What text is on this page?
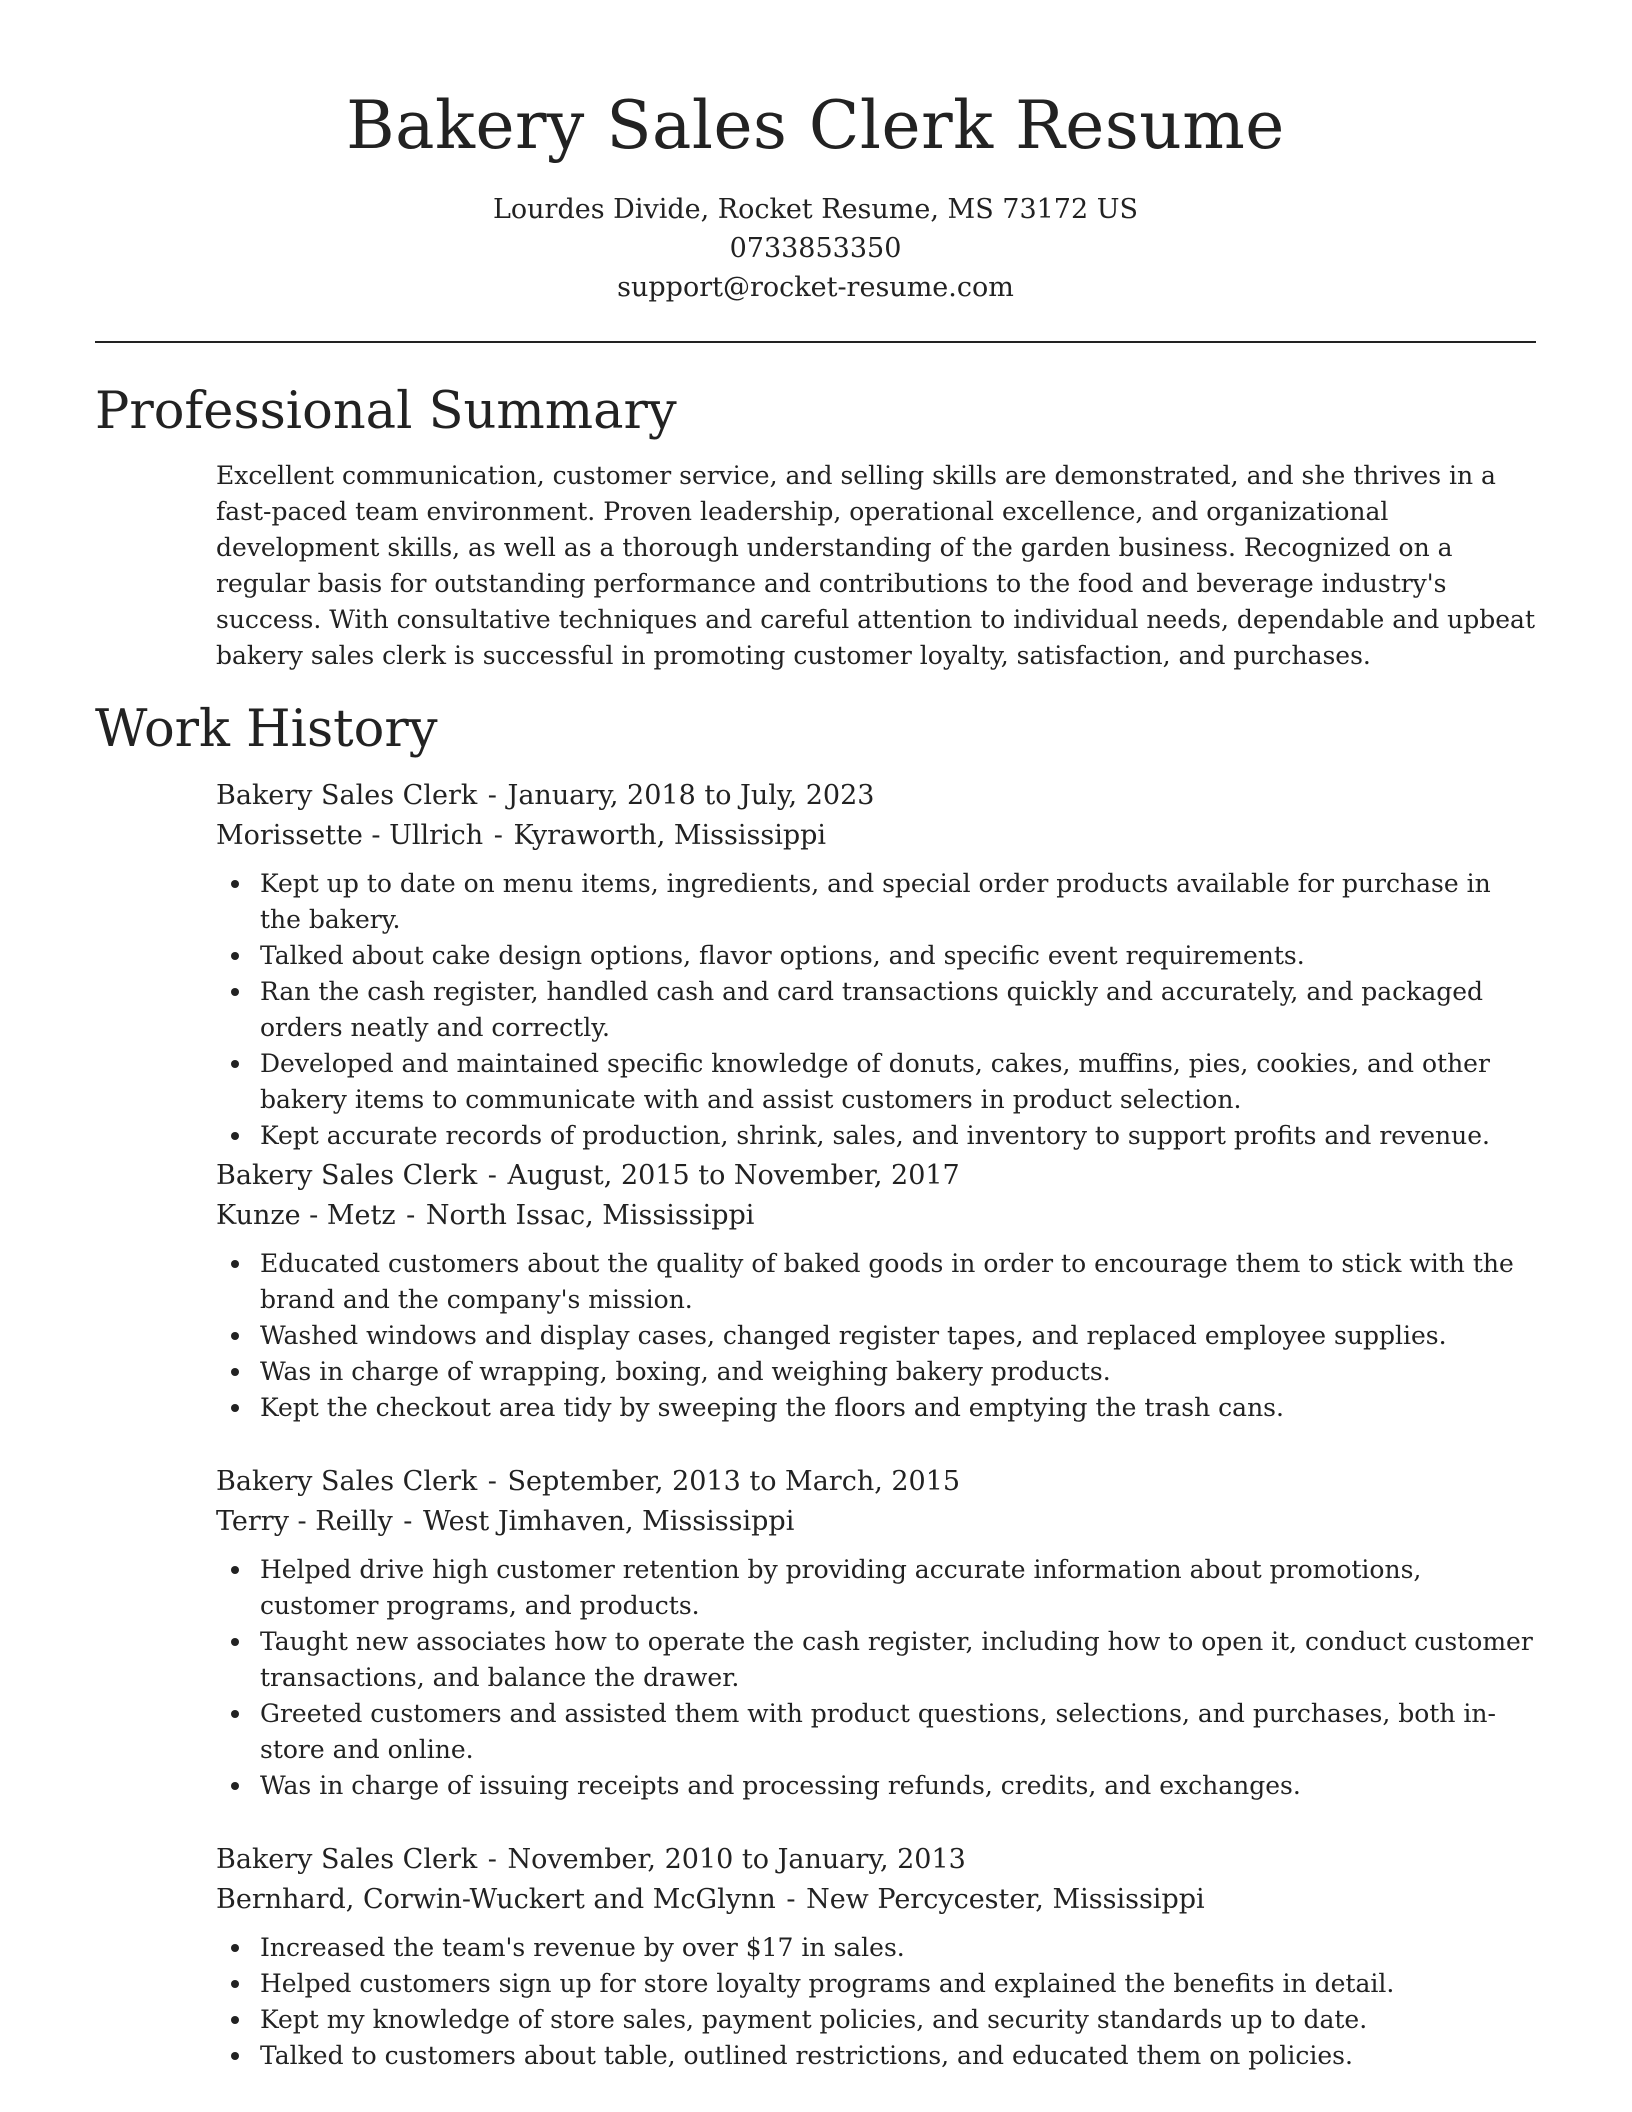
Bakery Sales Clerk Resume
Lourdes Divide, Rocket Resume, MS 73172 US
0733853350
support@rocket-resume.com
Professional Summary

Excellent communication, customer service, and selling skills are demonstrated, and she thrives in a fast-paced team environment. Proven leadership, operational excellence, and organizational development skills, as well as a thorough understanding of the garden business. Recognized on a regular basis for outstanding performance and contributions to the food and beverage industry's success. With consultative techniques and careful attention to individual needs, dependable and upbeat bakery sales clerk is successful in promoting customer loyalty, satisfaction, and purchases.

Work History

Bakery Sales Clerk - January, 2018 to July, 2023

Morissette - Ullrich - Kyraworth, Mississippi

Kept up to date on menu items, ingredients, and special order products available for purchase in the bakery.
Talked about cake design options, flavor options, and specific event requirements.
Ran the cash register, handled cash and card transactions quickly and accurately, and packaged orders neatly and correctly.
Developed and maintained specific knowledge of donuts, cakes, muffins, pies, cookies, and other bakery items to communicate with and assist customers in product selection.
Kept accurate records of production, shrink, sales, and inventory to support profits and revenue.

Bakery Sales Clerk - August, 2015 to November, 2017

Kunze - Metz - North Issac, Mississippi

Educated customers about the quality of baked goods in order to encourage them to stick with the brand and the company's mission.
Washed windows and display cases, changed register tapes, and replaced employee supplies.
Was in charge of wrapping, boxing, and weighing bakery products.
Kept the checkout area tidy by sweeping the floors and emptying the trash cans.

Bakery Sales Clerk - September, 2013 to March, 2015

Terry - Reilly - West Jimhaven, Mississippi

Helped drive high customer retention by providing accurate information about promotions, customer programs, and products.
Taught new associates how to operate the cash register, including how to open it, conduct customer transactions, and balance the drawer.
Greeted customers and assisted them with product questions, selections, and purchases, both in-store and online.
Was in charge of issuing receipts and processing refunds, credits, and exchanges.

Bakery Sales Clerk - November, 2010 to January, 2013

Bernhard, Corwin-Wuckert and McGlynn - New Percycester, Mississippi

Increased the team's revenue by over $17 in sales.
Helped customers sign up for store loyalty programs and explained the benefits in detail.
Kept my knowledge of store sales, payment policies, and security standards up to date.
Talked to customers about table, outlined restrictions, and educated them on policies.
